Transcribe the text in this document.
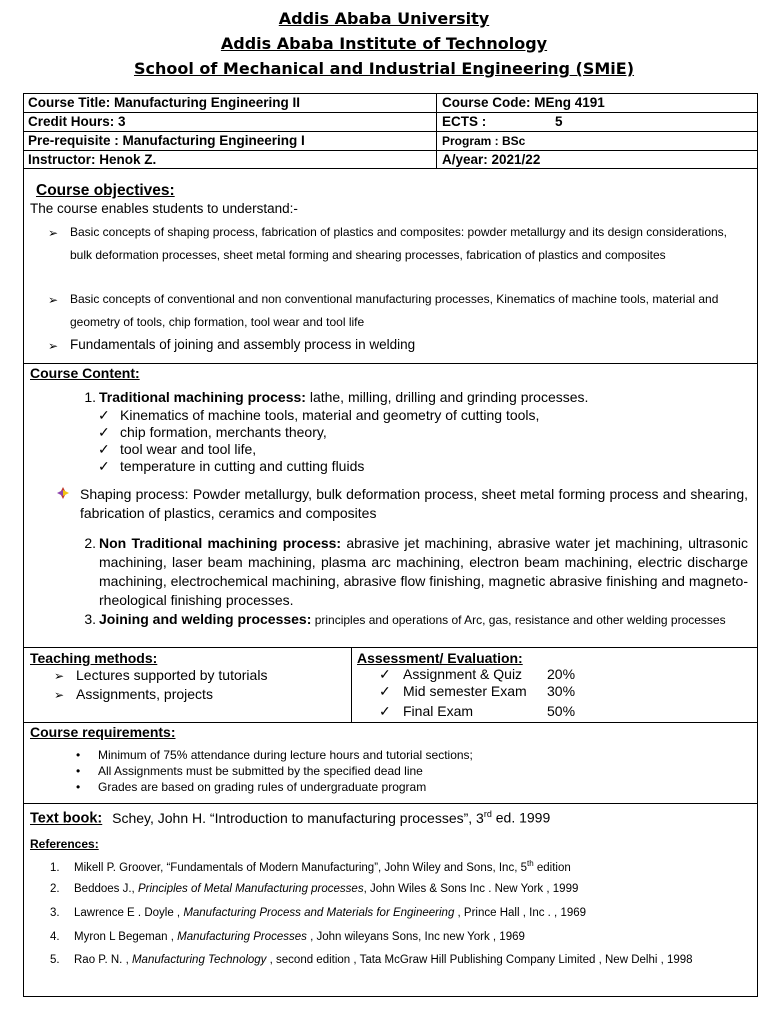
Addis Ababa University
Addis Ababa Institute of Technology
School of Mechanical and Industrial Engineering (SMiE)
Course Title: Manufacturing Engineering II	Course Code: MEng 4191
Credit Hours: 3	ECTS :	5
Pre-requisite : Manufacturing Engineering I	Program : BSc
Instructor: Henok Z.	A/year: 2021/22
Course objectives:
The course enables students to understand:-
➢ Basic concepts of shaping process, fabrication of plastics and composites: powder metallurgy and its design considerations, bulk deformation processes, sheet metal forming and shearing processes, fabrication of plastics and composites
➢ Basic concepts of conventional and non conventional manufacturing processes, Kinematics of machine tools, material and geometry of tools, chip formation, tool wear and tool life
➢ Fundamentals of joining and assembly process in welding
Course Content:
1. Traditional machining process: lathe, milling, drilling and grinding processes.
✓ Kinematics of machine tools, material and geometry of cutting tools,
✓ chip formation, merchants theory,
✓ tool wear and tool life,
✓ temperature in cutting and cutting fluids
Shaping process: Powder metallurgy, bulk deformation process, sheet metal forming process and shearing, fabrication of plastics, ceramics and composites
2. Non Traditional machining process: abrasive jet machining, abrasive water jet machining, ultrasonic machining, laser beam machining, plasma arc machining, electron beam machining, electric discharge machining, electrochemical machining, abrasive flow finishing, magnetic abrasive finishing and magneto-rheological finishing processes.
3. Joining and welding processes: principles and operations of Arc, gas, resistance and other welding processes
Teaching methods:
➢ Lectures supported by tutorials
➢ Assignments, projects
Assessment/ Evaluation:
✓ Assignment & Quiz 20%
✓ Mid semester Exam 30%
✓ Final Exam	50%
Course requirements:
• Minimum of 75% attendance during lecture hours and tutorial sections;
• All Assignments must be submitted by the specified dead line
• Grades are based on grading rules of undergraduate program
Text book: Schey, John H. “Introduction to manufacturing processes”, 3rd ed. 1999
References:
1. Mikell P. Groover, “Fundamentals of Modern Manufacturing”, John Wiley and Sons, Inc, 5th edition
2. Beddoes J., Principles of Metal Manufacturing processes, John Wiles & Sons Inc . New York , 1999
3. Lawrence E . Doyle , Manufacturing Process and Materials for Engineering , Prince Hall , Inc . , 1969
4. Myron L Begeman , Manufacturing Processes , John wileyans Sons, Inc new York , 1969
5. Rao P. N. , Manufacturing Technology , second edition , Tata McGraw Hill Publishing Company Limited , New Delhi , 1998
